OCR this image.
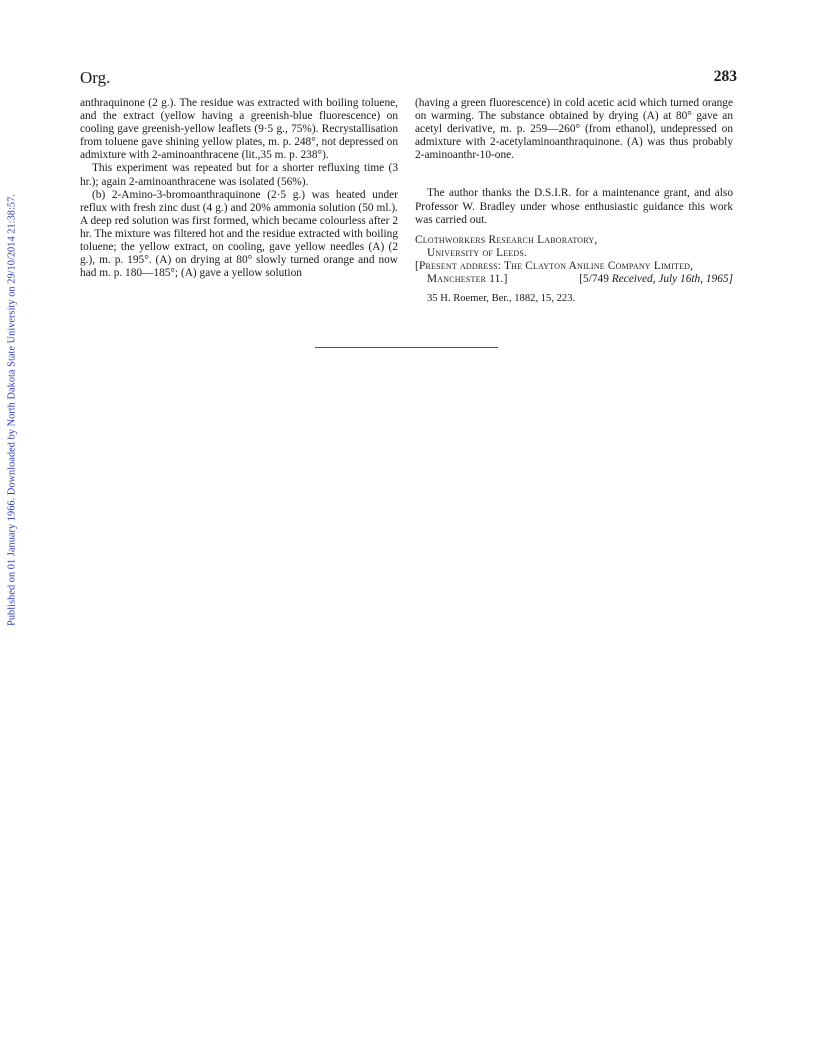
Published on 01 January 1966. Downloaded by North Dakota State University on 29/10/2014 21:38:57.
Org.	283

anthraquinone (2 g.). The residue was extracted with boiling toluene, and the extract (yellow having a greenish-blue fluorescence) on cooling gave greenish-yellow leaflets (9·5 g., 75%). Recrystallisation from toluene gave shining yellow plates, m. p. 248°, not depressed on admixture with 2-aminoanthracene (lit.,35 m. p. 238°).

This experiment was repeated but for a shorter refluxing time (3 hr.); again 2-aminoanthracene was isolated (56%).

(b) 2-Amino-3-bromoanthraquinone (2·5 g.) was heated under reflux with fresh zinc dust (4 g.) and 20% ammonia solution (50 ml.). A deep red solution was first formed, which became colourless after 2 hr. The mixture was filtered hot and the residue extracted with boiling toluene; the yellow extract, on cooling, gave yellow needles (A) (2 g.), m. p. 195°. (A) on drying at 80° slowly turned orange and now had m. p. 180—185°; (A) gave a yellow solution

(having a green fluorescence) in cold acetic acid which turned orange on warming. The substance obtained by drying (A) at 80° gave an acetyl derivative, m. p. 259—260° (from ethanol), undepressed on admixture with 2-acetylaminoanthraquinone. (A) was thus probably 2-aminoanthr-10-one.

The author thanks the D.S.I.R. for a maintenance grant, and also Professor W. Bradley under whose enthusiastic guidance this work was carried out.

Clothworkers Research Laboratory,

University of Leeds.

[Present address: The Clayton Aniline Company Limited,

Manchester 11.]	[5/749 Received, July 16th, 1965]

35 H. Roemer, Ber., 1882, 15, 223.
